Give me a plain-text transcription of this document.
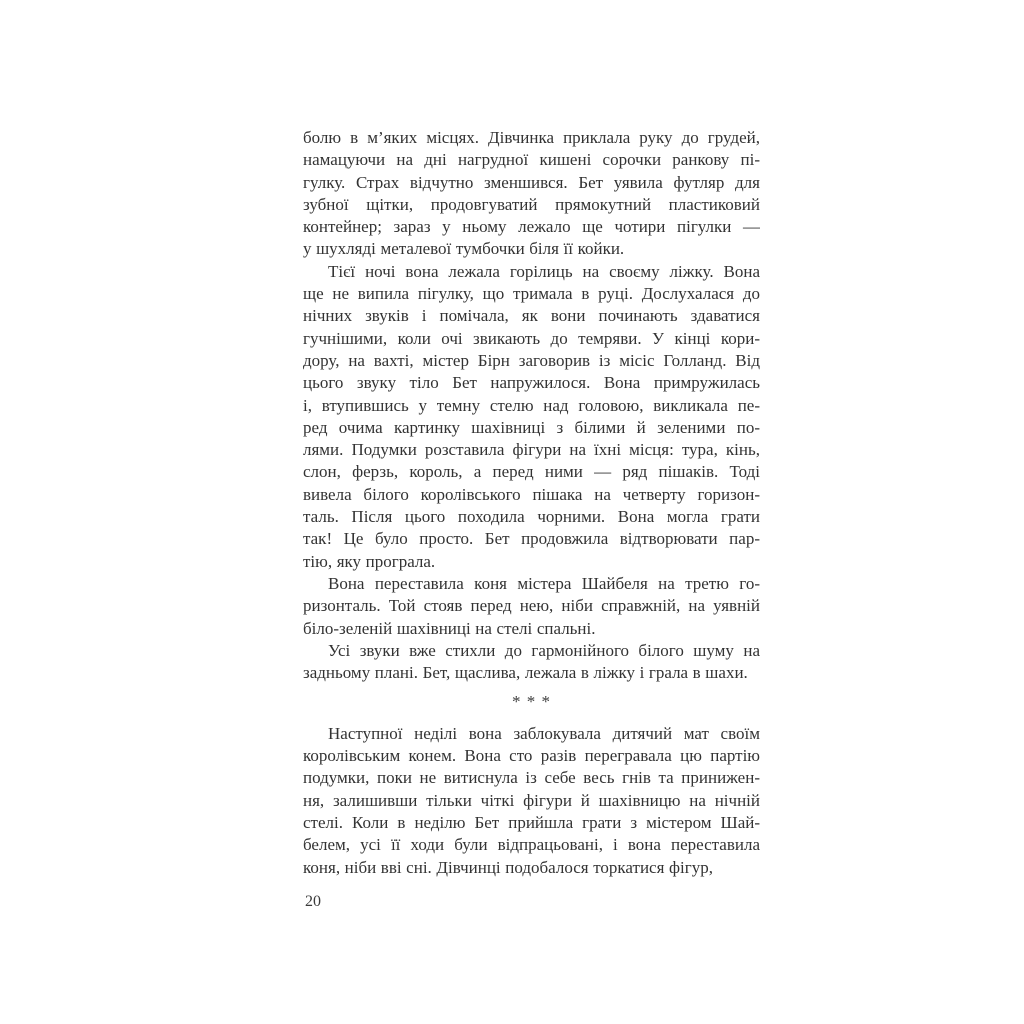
болю в м’яких місцях. Дівчинка приклала руку до грудей,
намацуючи на дні нагрудної кишені сорочки ранкову пі-
гулку. Страх відчутно зменшився. Бет уявила футляр для
зубної щітки, продовгуватий прямокутний пластиковий
контейнер; зараз у ньому лежало ще чотири пігулки —
у шухляді металевої тумбочки біля її койки.
Тієї ночі вона лежала горілиць на своєму ліжку. Вона
ще не випила пігулку, що тримала в руці. Дослухалася до
нічних звуків і помічала, як вони починають здаватися
гучнішими, коли очі звикають до темряви. У кінці кори-
дору, на вахті, містер Бірн заговорив із місіс Голланд. Від
цього звуку тіло Бет напружилося. Вона примружилась
і, втупившись у темну стелю над головою, викликала пе-
ред очима картинку шахівниці з білими й зеленими по-
лями. Подумки розставила фігури на їхні місця: тура, кінь,
слон, ферзь, король, а перед ними — ряд пішаків. Тоді
вивела білого королівського пішака на четверту горизон-
таль. Після цього походила чорними. Вона могла грати
так! Це було просто. Бет продовжила відтворювати пар-
тію, яку програла.
Вона переставила коня містера Шайбеля на третю го-
ризонталь. Той стояв перед нею, ніби справжній, на уявній
біло-зеленій шахівниці на стелі спальні.
Усі звуки вже стихли до гармонійного білого шуму на
задньому плані. Бет, щаслива, лежала в ліжку і грала в шахи.
* * *
Наступної неділі вона заблокувала дитячий мат своїм
королівським конем. Вона сто разів перегравала цю партію
подумки, поки не витиснула із себе весь гнів та принижен-
ня, залишивши тільки чіткі фігури й шахівницю на нічній
стелі. Коли в неділю Бет прийшла грати з містером Шай-
белем, усі її ходи були відпрацьовані, і вона переставила
коня, ніби вві сні. Дівчинці подобалося торкатися фігур,
20
